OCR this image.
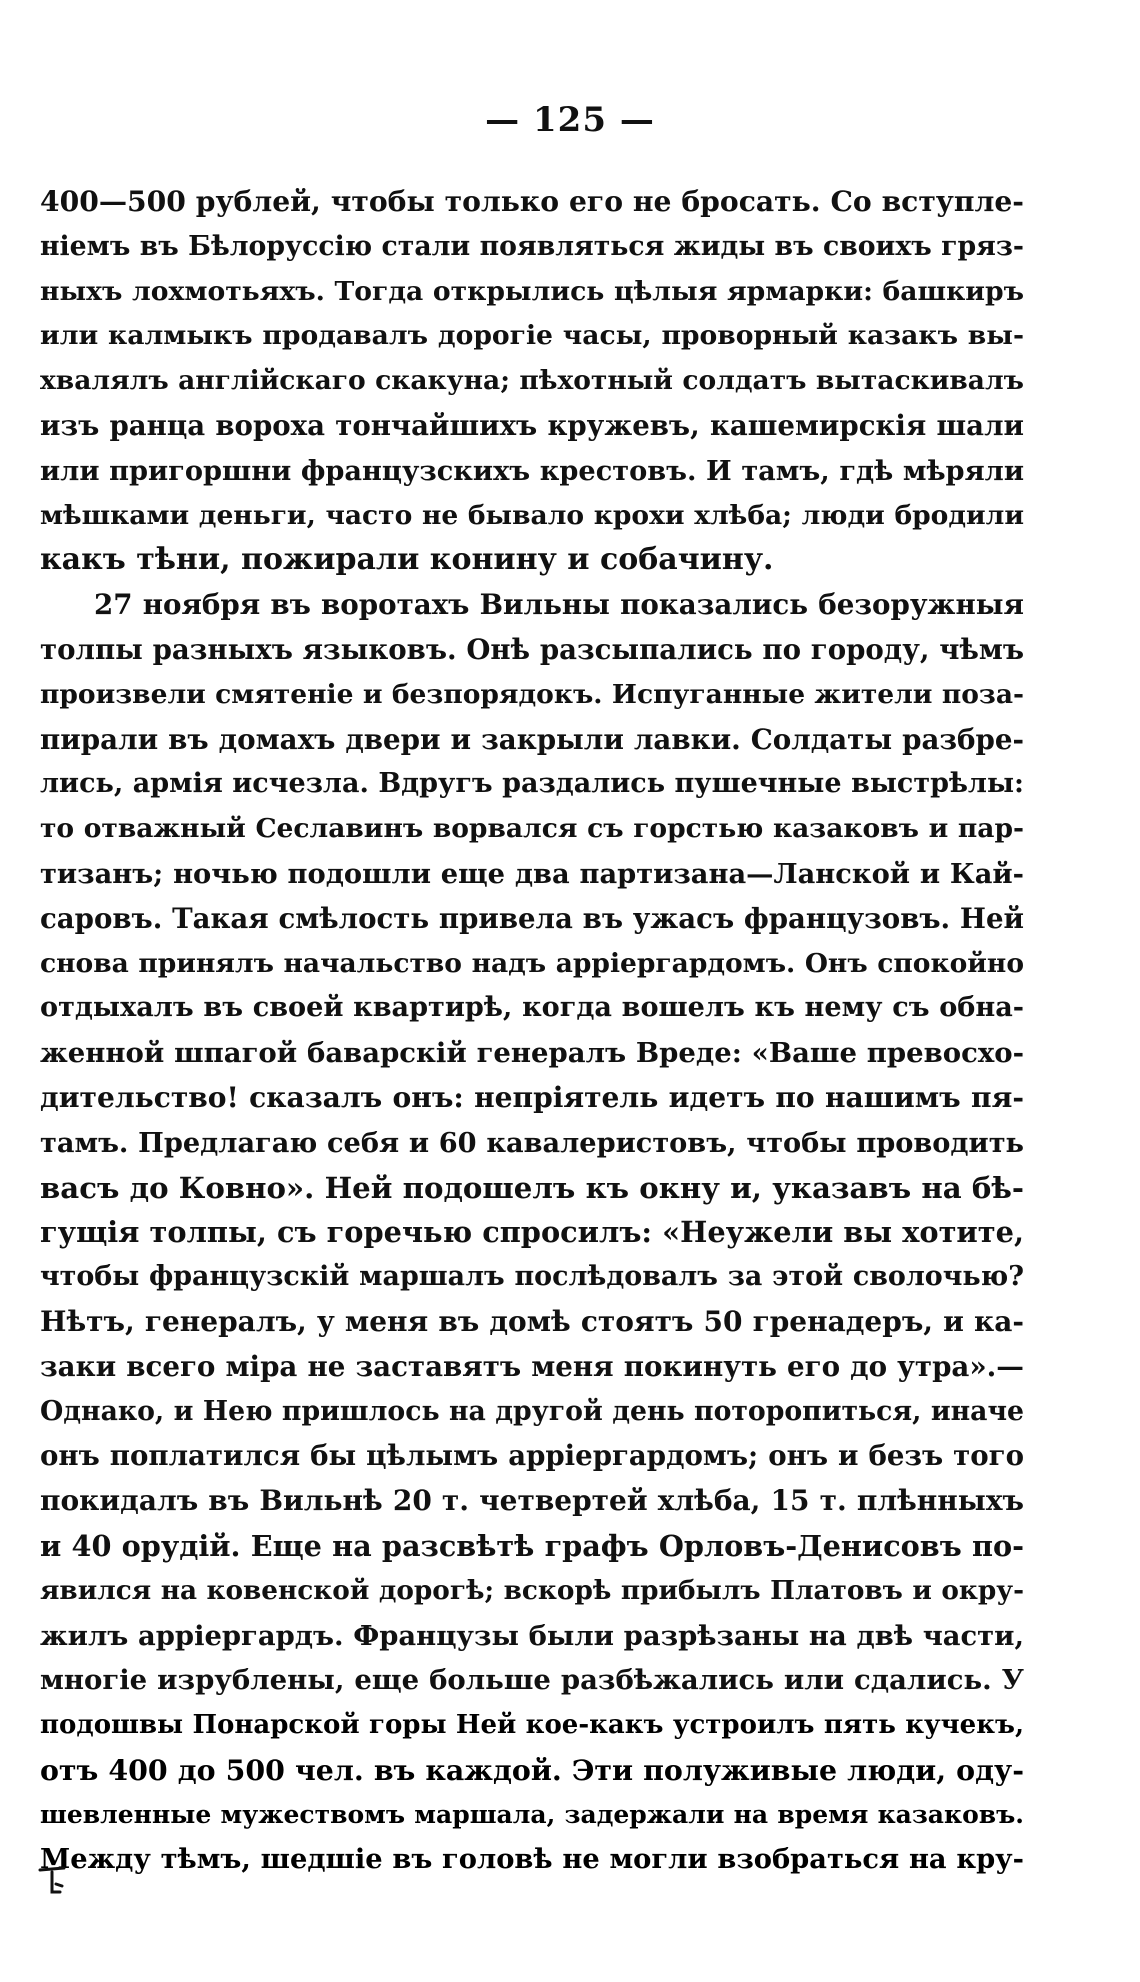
— 125 —
400—500 рублей, чтобы только его не бросать. Со вступле-
нiемъ въ Бѣлоруссiю стали появляться жиды въ своихъ гряз-
ныхъ лохмотьяхъ. Тогда открылись цѣлыя ярмарки: башкиръ
или калмыкъ продавалъ дорогiе часы, проворный казакъ вы-
хвалялъ англiйскаго скакуна; пѣхотный солдатъ вытаскивалъ
изъ ранца вороха тончайшихъ кружевъ, кашемирскiя шали
или пригоршни французскихъ крестовъ. И тамъ, гдѣ мѣряли
мѣшками деньги, часто не бывало крохи хлѣба; люди бродили
какъ тѣни, пожирали конину и собачину.
27 ноября въ воротахъ Вильны показались безоружныя
толпы разныхъ языковъ. Онѣ разсыпались по городу, чѣмъ
произвели смятенiе и безпорядокъ. Испуганные жители поза-
пирали въ домахъ двери и закрыли лавки. Солдаты разбре-
лись, армiя исчезла. Вдругъ раздались пушечные выстрѣлы:
то отважный Сеславинъ ворвался съ горстью казаковъ и пар-
тизанъ; ночью подошли еще два партизана—Ланской и Кай-
саровъ. Такая смѣлость привела въ ужасъ французовъ. Ней
снова принялъ начальство надъ аррiергардомъ. Онъ спокойно
отдыхалъ въ своей квартирѣ, когда вошелъ къ нему съ обна-
женной шпагой баварскiй генералъ Вреде: «Ваше превосхо-
дительство! сказалъ онъ: непрiятель идетъ по нашимъ пя-
тамъ. Предлагаю себя и 60 кавалеристовъ, чтобы проводить
васъ до Ковно». Ней подошелъ къ окну и, указавъ на бѣ-
гущiя толпы, съ горечью спросилъ: «Неужели вы хотите,
чтобы французскiй маршалъ послѣдовалъ за этой сволочью?
Нѣтъ, генералъ, у меня въ домѣ стоятъ 50 гренадеръ, и ка-
заки всего мiра не заставятъ меня покинуть его до утра».—
Однако, и Нею пришлось на другой день поторопиться, иначе
онъ поплатился бы цѣлымъ аррiергардомъ; онъ и безъ того
покидалъ въ Вильнѣ 20 т. четвертей хлѣба, 15 т. плѣнныхъ
и 40 орудiй. Еще на разсвѣтѣ графъ Орловъ-Денисовъ по-
явился на ковенской дорогѣ; вскорѣ прибылъ Платовъ и окру-
жилъ аррiергардъ. Французы были разрѣзаны на двѣ части,
многiе изрублены, еще больше разбѣжались или сдались. У
подошвы Понарской горы Ней кое-какъ устроилъ пять кучекъ,
отъ 400 до 500 чел. въ каждой. Эти полуживые люди, оду-
шевленные мужествомъ маршала, задержали на время казаковъ.
Между тѣмъ, шедшiе въ головѣ не могли взобраться на кру-
